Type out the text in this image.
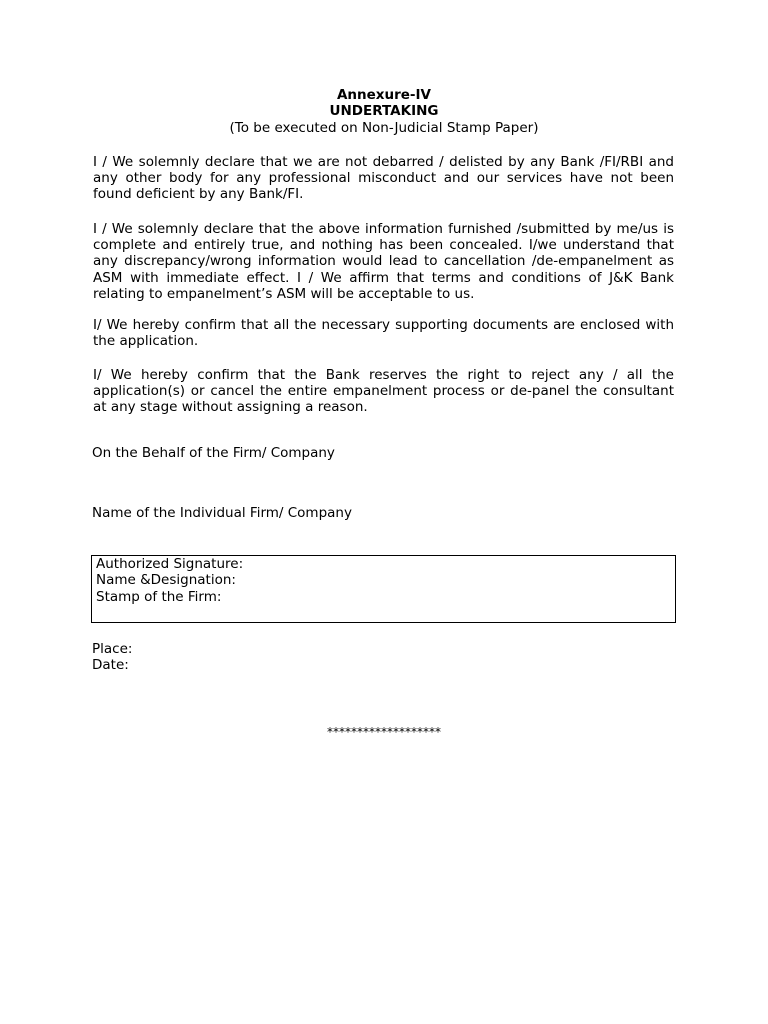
Annexure-IV
UNDERTAKING
(To be executed on Non-Judicial Stamp Paper)
I / We solemnly declare that we are not debarred / delisted by any Bank /FI/RBI and any other body for any professional misconduct and our services have not been found deficient by any Bank/FI.
I / We solemnly declare that the above information furnished /submitted by me/us is complete and entirely true, and nothing has been concealed. I/we understand that any discrepancy/wrong information would lead to cancellation /de-empanelment as ASM with immediate effect. I / We affirm that terms and conditions of J&K Bank relating to empanelment’s ASM will be acceptable to us.
I/ We hereby confirm that all the necessary supporting documents are enclosed with the application.
I/ We hereby confirm that the Bank reserves the right to reject any / all the application(s) or cancel the entire empanelment process or de-panel the consultant at any stage without assigning a reason.
On the Behalf of the Firm/ Company
Name of the Individual Firm/ Company
Authorized Signature:
Name &Designation:
Stamp of the Firm:
Place:
Date:
*******************
